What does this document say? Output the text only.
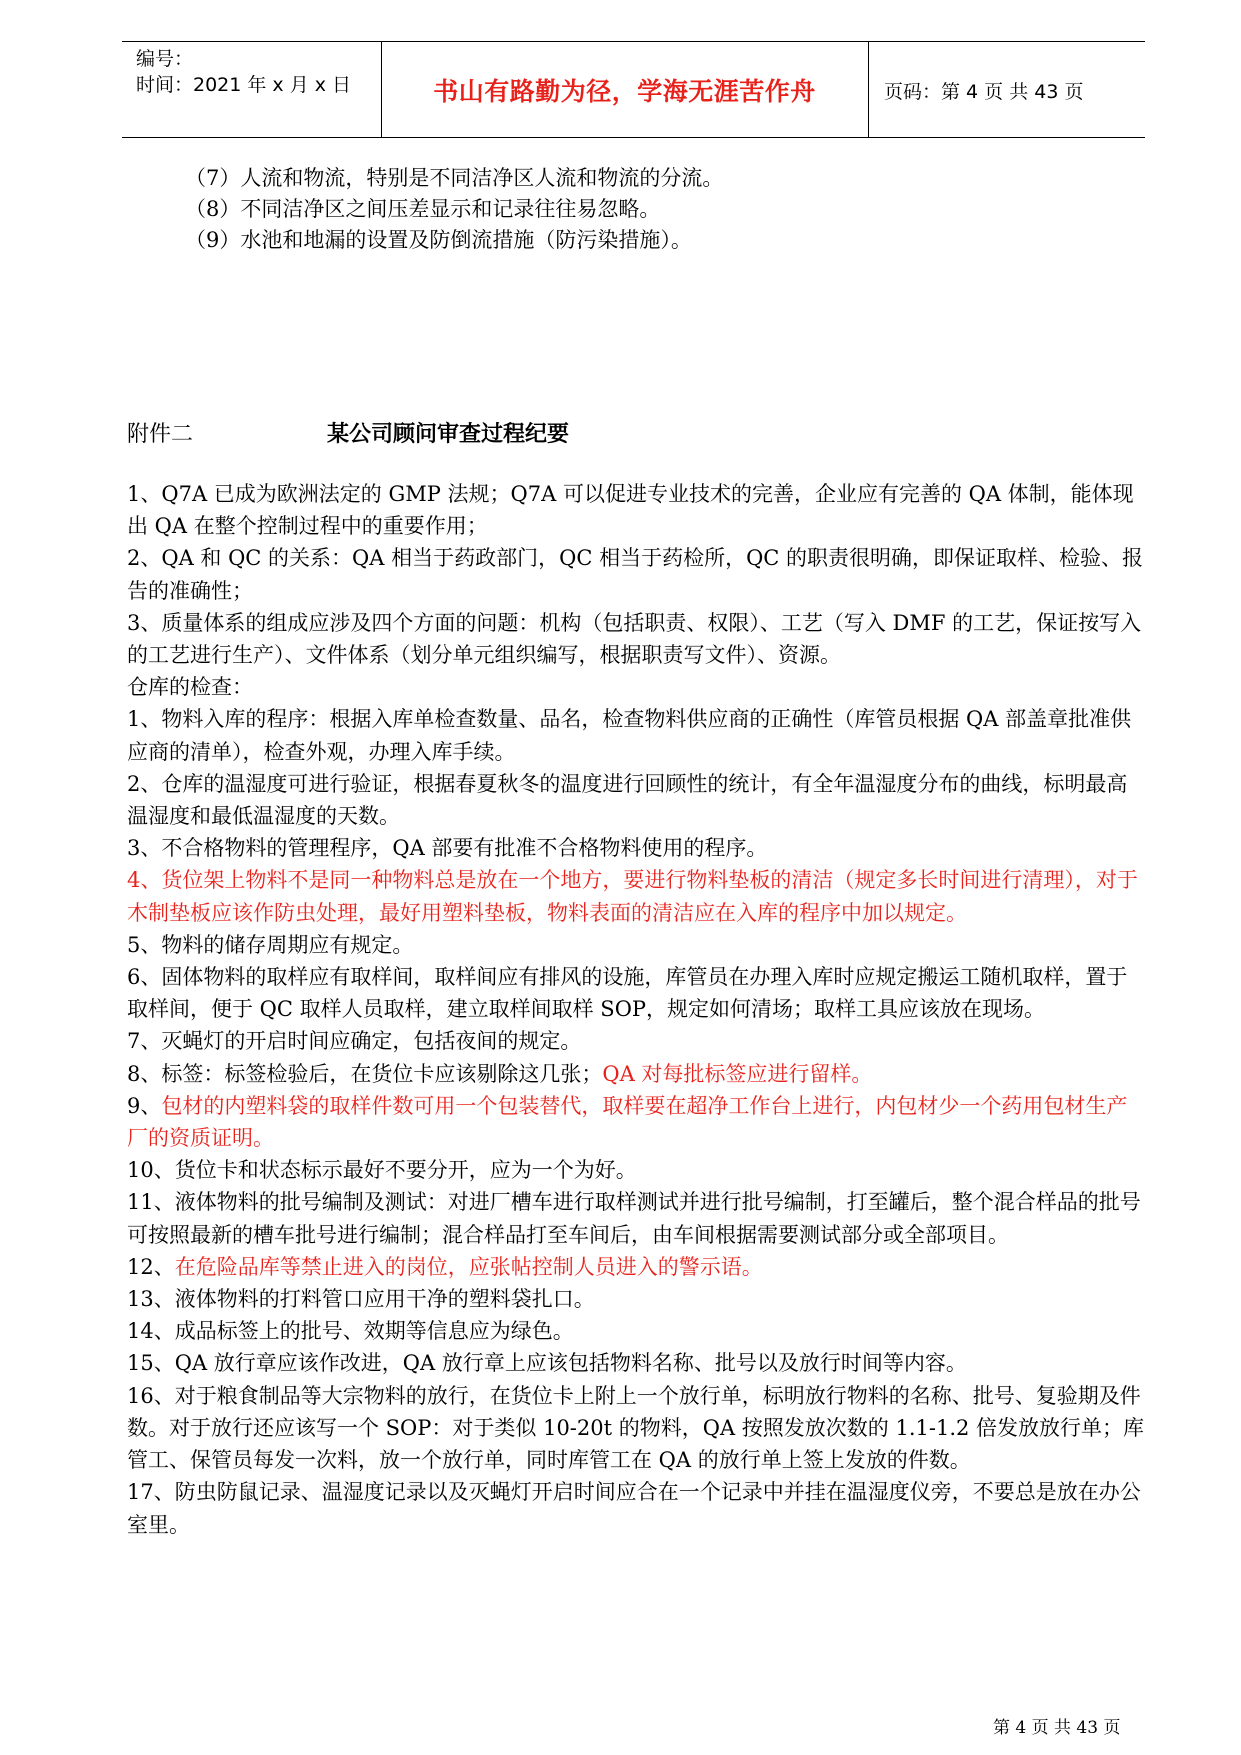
编号：
时间：2021 年 x 月 x 日	书山有路勤为径，学海无涯苦作舟	页码：第 4 页 共 43 页
（7）人流和物流，特别是不同洁净区人流和物流的分流。
（8）不同洁净区之间压差显示和记录往往易忽略。
（9）水池和地漏的设置及防倒流措施（防污染措施）。
附件二	某公司顾问审查过程纪要

1、Q7A 已成为欧洲法定的 GMP 法规；Q7A 可以促进专业技术的完善，企业应有完善的 QA 体制，能体现出 QA 在整个控制过程中的重要作用；

2、QA 和 QC 的关系：QA 相当于药政部门，QC 相当于药检所，QC 的职责很明确，即保证取样、检验、报告的准确性；

3、质量体系的组成应涉及四个方面的问题：机构（包括职责、权限）、工艺（写入 DMF 的工艺，保证按写入的工艺进行生产）、文件体系（划分单元组织编写，根据职责写文件）、资源。

仓库的检查：

1、物料入库的程序：根据入库单检查数量、品名，检查物料供应商的正确性（库管员根据 QA 部盖章批准供应商的清单），检查外观，办理入库手续。

2、仓库的温湿度可进行验证，根据春夏秋冬的温度进行回顾性的统计，有全年温湿度分布的曲线，标明最高温湿度和最低温湿度的天数。

3、不合格物料的管理程序，QA 部要有批准不合格物料使用的程序。

4、货位架上物料不是同一种物料总是放在一个地方，要进行物料垫板的清洁（规定多长时间进行清理），对于木制垫板应该作防虫处理，最好用塑料垫板，物料表面的清洁应在入库的程序中加以规定。

5、物料的储存周期应有规定。

6、固体物料的取样应有取样间，取样间应有排风的设施，库管员在办理入库时应规定搬运工随机取样，置于取样间，便于 QC 取样人员取样，建立取样间取样 SOP，规定如何清场；取样工具应该放在现场。

7、灭蝇灯的开启时间应确定，包括夜间的规定。

8、标签：标签检验后，在货位卡应该剔除这几张；QA 对每批标签应进行留样。

9、包材的内塑料袋的取样件数可用一个包装替代，取样要在超净工作台上进行，内包材少一个药用包材生产厂的资质证明。

10、货位卡和状态标示最好不要分开，应为一个为好。

11、液体物料的批号编制及测试：对进厂槽车进行取样测试并进行批号编制，打至罐后，整个混合样品的批号可按照最新的槽车批号进行编制；混合样品打至车间后，由车间根据需要测试部分或全部项目。

12、在危险品库等禁止进入的岗位，应张帖控制人员进入的警示语。

13、液体物料的打料管口应用干净的塑料袋扎口。

14、成品标签上的批号、效期等信息应为绿色。

15、QA 放行章应该作改进，QA 放行章上应该包括物料名称、批号以及放行时间等内容。

16、对于粮食制品等大宗物料的放行，在货位卡上附上一个放行单，标明放行物料的名称、批号、复验期及件数。对于放行还应该写一个 SOP：对于类似 10-20t 的物料，QA 按照发放次数的 1.1-1.2 倍发放放行单；库管工、保管员每发一次料，放一个放行单，同时库管工在 QA 的放行单上签上发放的件数。

17、防虫防鼠记录、温湿度记录以及灭蝇灯开启时间应合在一个记录中并挂在温湿度仪旁，不要总是放在办公室里。

第 4 页 共 43 页
